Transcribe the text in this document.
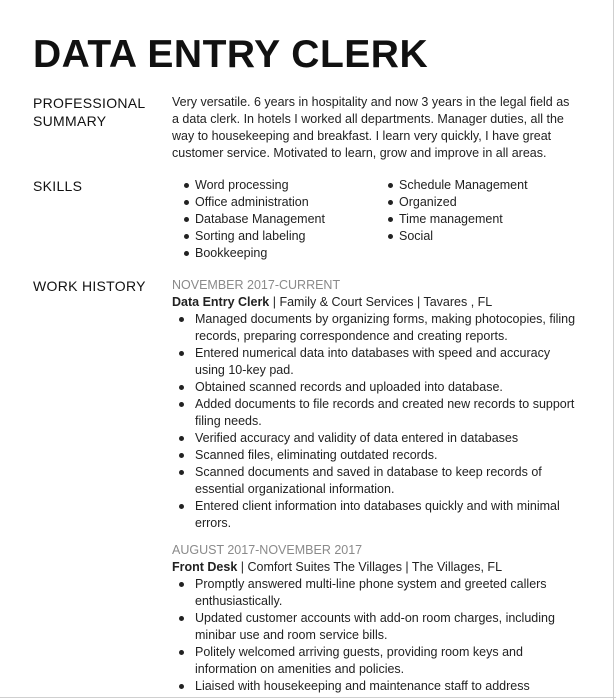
DATA ENTRY CLERK
PROFESSIONAL
SUMMARY
Very versatile. 6 years in hospitality and now 3 years in the legal field as a data clerk. In hotels I worked all departments. Manager duties, all the way to housekeeping and breakfast. I learn very quickly, I have great customer service. Motivated to learn, grow and improve in all areas.
SKILLS	Word processing
Office administration
Database Management
Sorting and labeling
Bookkeeping
Schedule Management
Organized
Time management
Social
WORK HISTORY NOVEMBER 2017-CURRENT
Data Entry Clerk | Family & Court Services | Tavares , FL
Managed documents by organizing forms, making photocopies, filing records, preparing correspondence and creating reports.
Entered numerical data into databases with speed and accuracy using 10-key pad.
Obtained scanned records and uploaded into database.
Added documents to file records and created new records to support filing needs.
Verified accuracy and validity of data entered in databases
Scanned files, eliminating outdated records.
Scanned documents and saved in database to keep records of essential organizational information.
Entered client information into databases quickly and with minimal errors.
AUGUST 2017-NOVEMBER 2017
Front Desk | Comfort Suites The Villages | The Villages, FL
Promptly answered multi-line phone system and greeted callers enthusiastically.
Updated customer accounts with add-on room charges, including minibar use and room service bills.
Politely welcomed arriving guests, providing room keys and information on amenities and policies.
Liaised with housekeeping and maintenance staff to address
